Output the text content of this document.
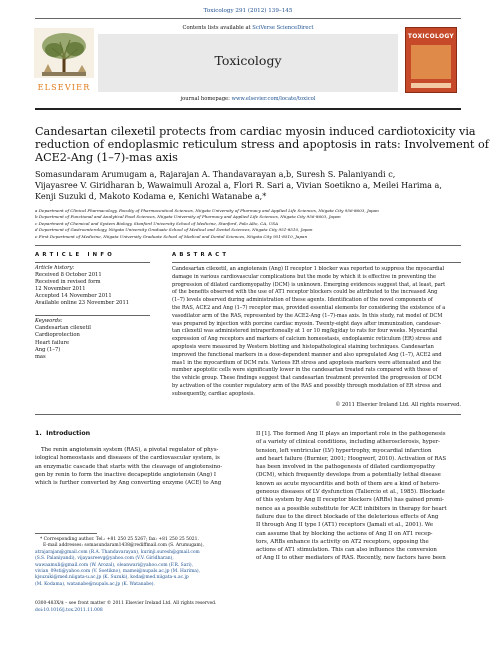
Toxicology 291 (2012) 139–145
ELSEVIER
Contents lists available at SciVerse ScienceDirect
Toxicology
TOXICOLOGY
journal homepage: www.elsevier.com/locate/toxicol
Candesartan cilexetil protects from cardiac myosin induced cardiotoxicity via
reduction of endoplasmic reticulum stress and apoptosis in rats: Involvement of
ACE2-Ang (1–7)-mas axis
Somasundaram Arumugam a, Rajarajan A. Thandavarayan a,b, Suresh S. Palaniyandi c,
Vijayasree V. Giridharan b, Wawaimuli Arozal a, Flori R. Sari a, Vivian Soetikno a, Meilei Harima a,
Kenji Suzuki d, Makoto Kodama e, Kenichi Watanabe a,*
a Department of Clinical Pharmacology, Faculty of Pharmaceutical Sciences, Niigata University of Pharmacy and Applied Life Sciences, Niigata City 956-8603, Japan
b Department of Functional and Analytical Food Sciences, Niigata University of Pharmacy and Applied Life Sciences, Niigata City 956-8603, Japan
c Department of Chemical and System Biology, Stanford University School of Medicine, Stanford, Palo Alto, CA, USA
d Department of Gastroenterology, Niigata University Graduate School of Medical and Dental Sciences, Niigata City 951-8510, Japan
e First Department of Medicine, Niigata University Graduate School of Medical and Dental Sciences, Niigata City 951-8510, Japan
A R T I C L E   I N F O
Article history:
Received 8 October 2011
Received in revised form
12 November 2011
Accepted 14 November 2011
Available online 23 November 2011
Keywords:
Candesartan cilexetil
Cardioprotection
Heart failure
Ang (1–7)
mas
A B S T R A C T
Candesartan cilexetil, an angiotensin (Ang) II receptor 1 blocker was reported to suppress the myocardial
damage in various cardiovascular complications but the mode by which it is effective in preventing the
progression of dilated cardiomyopathy (DCM) is unknown. Emerging evidences suggest that, at least, part
of the benefits observed with the use of AT1 receptor blockers could be attributed to the increased Ang
(1–7) levels observed during administration of these agents. Identification of the novel components of
the RAS, ACE2 and Ang (1–7) receptor mas, provided essential elements for considering the existence of a
vasodilator arm of the RAS, represented by the ACE2-Ang (1–7)-mas axis. In this study, rat model of DCM
was prepared by injection with porcine cardiac myosin. Twenty-eight days after immunization, candesar-
tan cilexetil was administered intraperitoneally at 1 or 10 mg/kg/day to rats for four weeks. Myocardial
expression of Ang receptors and markers of calcium homeostasis, endoplasmic reticulum (ER) stress and
apoptosis were measured by Western blotting and histopathological staining techniques. Candesartan
improved the functional markers in a dose-dependent manner and also upregulated Ang (1–7), ACE2 and
mas1 in the myocardium of DCM rats. Various ER stress and apoptosis markers were attenuated and the
number apoptotic cells were significantly lower in the candesartan treated rats compared with those of
the vehicle group. These findings suggest that candesartan treatment prevented the progression of DCM
by activation of the counter regulatory arm of the RAS and possibly through modulation of ER stress and
subsequently, cardiac apoptosis.
© 2011 Elsevier Ireland Ltd. All rights reserved.
1.  Introduction
The renin angiotensin system (RAS), a pivotal regulator of phys-
iological homeostasis and diseases of the cardiovascular system, is
an enzymatic cascade that starts with the cleavage of angiotensino-
gen by renin to form the inactive decapeptide angiotensin (Ang) I
which is further converted by Ang converting enzyme (ACE) to Ang
II [1]. The formed Ang II plays an important role in the pathogenesis
of a variety of clinical conditions, including atherosclerosis, hyper-
tension, left ventricular (LV) hypertrophy, myocardial infarction
and heart failure (Burnier, 2001; Hoogwerf, 2010). Activation of RAS
has been involved in the pathogenesis of dilated cardiomyopathy
(DCM), which frequently develops from a potentially lethal disease
known as acute myocarditis and both of them are a kind of hetero-
geneous diseases of LV dysfunction (Taliercio et al., 1985). Blockade
of this system by Ang II receptor blockers (ARBs) has gained promi-
nence as a possible substitute for ACE inhibitors in therapy for heart
failure due to the direct blockade of the deleterious effects of Ang
II through Ang II type I (AT1) receptors (Jamali et al., 2001). We
can assume that by blocking the actions of Ang II on AT1 recep-
tors, ARBs enhance its activity on AT2 receptors, opposing the
actions of AT1 stimulation. This can also influence the conversion
of Ang II to other mediators of RAS. Recently, new factors have been
* Corresponding author. Tel.: +81 250 25 5267; fax: +81 250 25 5021.
E-mail addresses: somasundaram1438@rediffmail.com (S. Arumugam),
atrajarajan@gmail.com (R.A. Thandavarayan), kurinji.suresh@gmail.com
(S.S. Palaniyandi), vijayasreevg@yahoo.com (V.V. Giridharan),
wawaamuli@gmail.com (W. Arozal), oleanwari@yahoo.com (F.R. Sari),
vivian_09sti@yahoo.com (V. Soetikno), mamei@nupals.ac.jp (M. Harima),
kjsuzuki@med.niigata-u.ac.jp (K. Suzuki), koda@med.niigata-u.ac.jp
(M. Kodama), watanabe@nupals.ac.jp (K. Watanabe).
0300-483X/$ – see front matter © 2011 Elsevier Ireland Ltd. All rights reserved.
doi:10.1016/j.tox.2011.11.008
